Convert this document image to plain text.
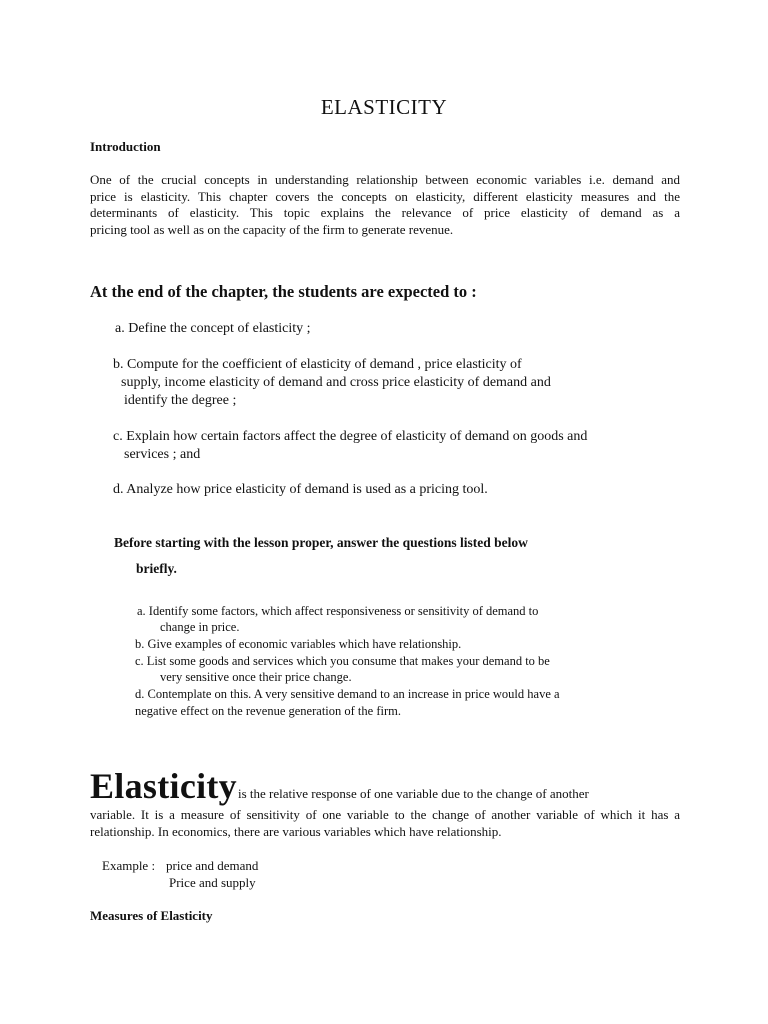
ELASTICITY
Introduction
One of the crucial concepts in understanding relationship between economic variables i.e. demand and
price is elasticity. This chapter covers the concepts on elasticity, different elasticity measures and the
determinants of elasticity. This topic explains the relevance of price elasticity of demand as a
pricing tool as well as on the capacity of the firm to generate revenue.
At the end of the chapter, the students are expected to :
a. Define the concept of elasticity ;
b. Compute for the coefficient of elasticity of demand , price elasticity of
supply, income elasticity of demand and cross price elasticity of demand and
identify the degree ;
c. Explain how certain factors affect the degree of elasticity of demand on goods and
services ; and
d. Analyze how price elasticity of demand is used as a pricing tool.
Before starting with the lesson proper, answer the questions listed below
briefly.
a. Identify some factors, which affect responsiveness or sensitivity of demand to
change in price.
b. Give examples of economic variables which have relationship.
c. List some goods and services which you consume that makes your demand to be
very sensitive once their price change.
d. Contemplate on this. A very sensitive demand to an increase in price would have a
negative effect on the revenue generation of the firm.
Elasticity is the relative response of one variable due to the change of another
variable. It is a measure of sensitivity of one variable to the change of another variable of which it has a
relationship. In economics, there are various variables which have relationship.
Example : price and demand
Price and supply
Measures of Elasticity
